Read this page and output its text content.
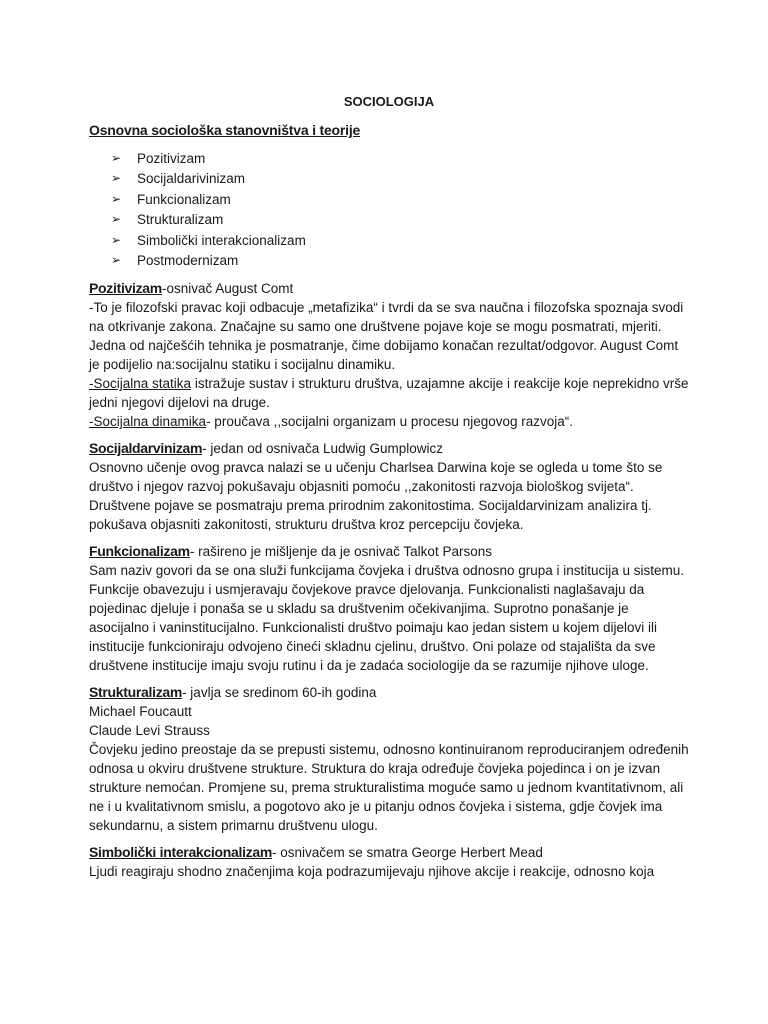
SOCIOLOGIJA
Osnovna sociološka stanovništva i teorije
➢	Pozitivizam
➢	Socijaldarivinizam
➢	Funkcionalizam
➢	Strukturalizam
➢	Simbolički interakcionalizam
➢	Postmodernizam

Pozitivizam-osnivač August Comt

-To je filozofski pravac koji odbacuje „metafizika“ i tvrdi da se sva naučna i filozofska spoznaja svodi na otkrivanje zakona. Značajne su samo one društvene pojave koje se mogu posmatrati, mjeriti. Jedna od najčešćih tehnika je posmatranje, čime dobijamo konačan rezultat/odgovor. August Comt je podijelio na:socijalnu statiku i socijalnu dinamiku.

-Socijalna statika istražuje sustav i strukturu društva, uzajamne akcije i reakcije koje neprekidno vrše jedni njegovi dijelovi na druge.

-Socijalna dinamika- proučava ,,socijalni organizam u procesu njegovog razvoja“.

Socijaldarvinizam- jedan od osnivača Ludwig Gumplowicz

Osnovno učenje ovog pravca nalazi se u učenju Charlsea Darwina koje se ogleda u tome što se društvo i njegov razvoj pokušavaju objasniti pomoću ,,zakonitosti razvoja biološkog svijeta“. Društvene pojave se posmatraju prema prirodnim zakonitostima. Socijaldarvinizam analizira tj. pokušava objasniti zakonitosti, strukturu društva kroz percepciju čovjeka.

Funkcionalizam- rašireno je mišljenje da je osnivač Talkot Parsons

Sam naziv govori da se ona služi funkcijama čovjeka i društva odnosno grupa i institucija u sistemu. Funkcije obavezuju i usmjeravaju čovjekove pravce djelovanja. Funkcionalisti naglašavaju da pojedinac djeluje i ponaša se u skladu sa društvenim očekivanjima. Suprotno ponašanje je asocijalno i vaninstitucijalno. Funkcionalisti društvo poimaju kao jedan sistem u kojem dijelovi ili institucije funkcioniraju odvojeno čineći skladnu cjelinu, društvo. Oni polaze od stajališta da sve društvene institucije imaju svoju rutinu i da je zadaća sociologije da se razumije njihove uloge.

Strukturalizam- javlja se sredinom 60-ih godina

Michael Foucautt

Claude Levi Strauss

Čovjeku jedino preostaje da se prepusti sistemu, odnosno kontinuiranom reproduciranjem određenih odnosa u okviru društvene strukture. Struktura do kraja određuje čovjeka pojedinca i on je izvan strukture nemoćan. Promjene su, prema strukturalistima moguće samo u jednom kvantitativnom, ali ne i u kvalitativnom smislu, a pogotovo ako je u pitanju odnos čovjeka i sistema, gdje čovjek ima sekundarnu, a sistem primarnu društvenu ulogu.

Simbolički interakcionalizam- osnivačem se smatra George Herbert Mead

Ljudi reagiraju shodno značenjima koja podrazumijevaju njihove akcije i reakcije, odnosno koja
